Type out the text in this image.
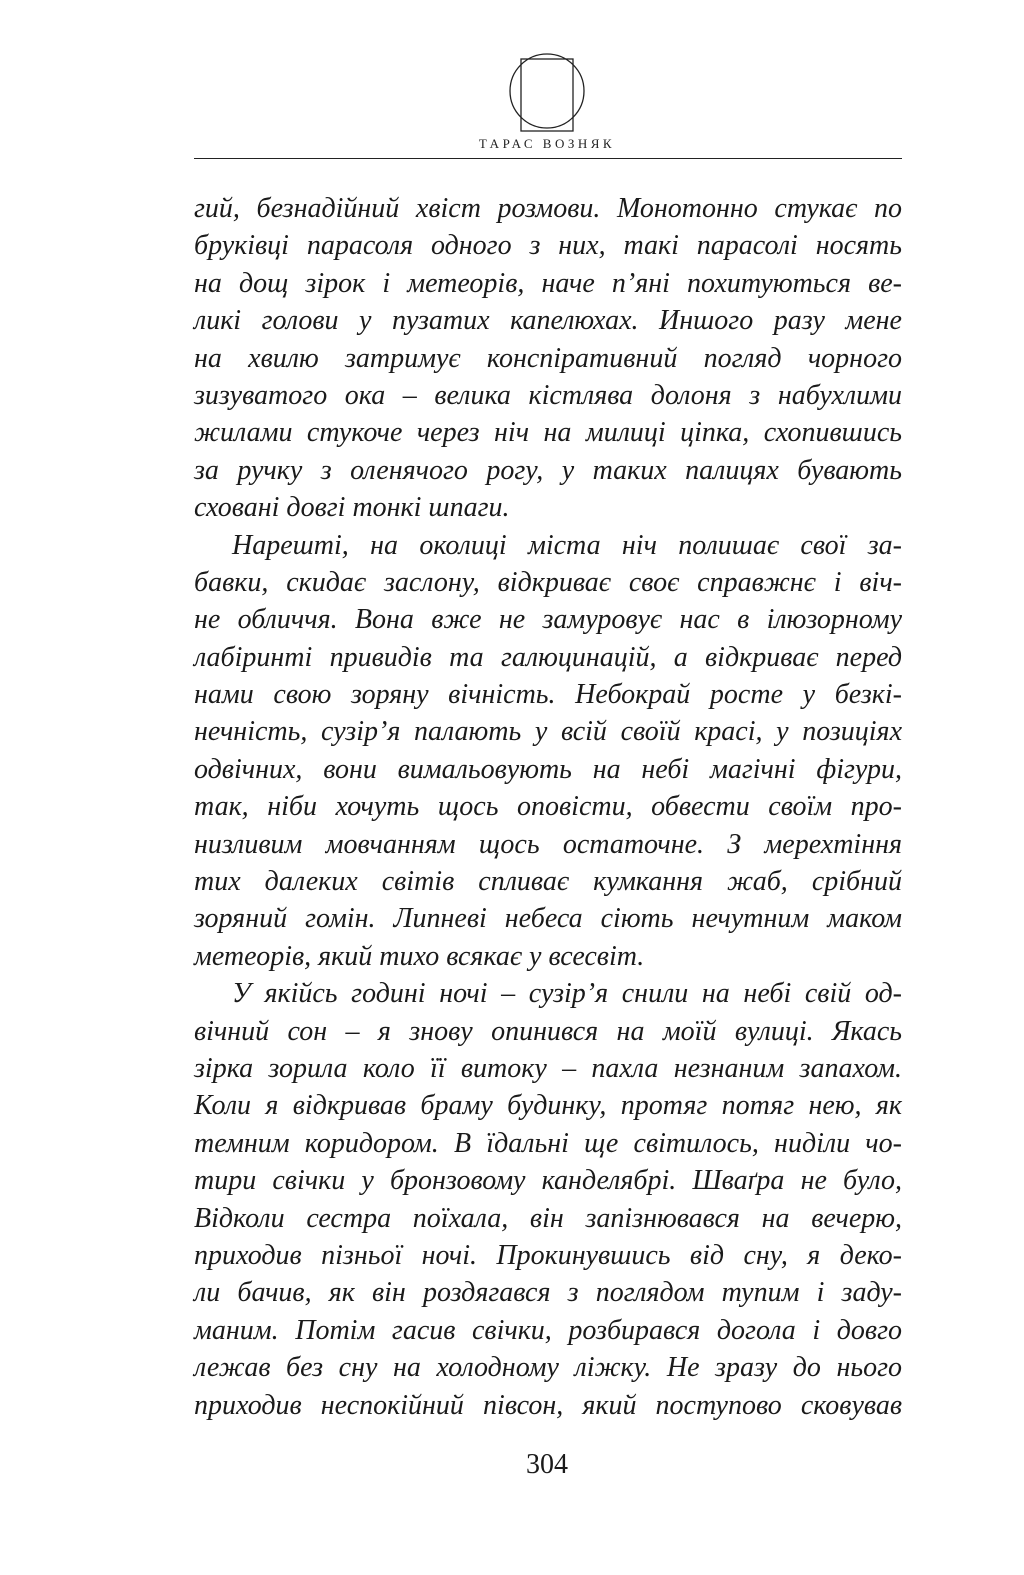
ТАРАС ВОЗНЯК
гий, безнадійний хвіст розмови. Монотонно стукає по
бруківці парасоля одного з них, такі парасолі носять
на дощ зірок і метеорів, наче п’яні похитуються ве-
ликі голови у пузатих капелюхах. Иншого разу мене
на хвилю затримує конспіративний погляд чорного
зизуватого ока – велика кістлява долоня з набухлими
жилами стукоче через ніч на милиці ціпка, схопившись
за ручку з оленячого рогу, у таких палицях бувають
сховані довгі тонкі шпаги.
Нарешті, на околиці міста ніч полишає свої за-
бавки, скидає заслону, відкриває своє справжнє і віч-
не обличчя. Вона вже не замуровує нас в ілюзорному
лабіринті привидів та галюцинацій, а відкриває перед
нами свою зоряну вічність. Небокрай росте у безкі-
нечність, сузір’я палають у всій своїй красі, у позиціях
одвічних, вони вимальовують на небі магічні фігури,
так, ніби хочуть щось оповісти, обвести своїм про-
низливим мовчанням щось остаточне. З мерехтіння
тих далеких світів спливає кумкання жаб, срібний
зоряний гомін. Липневі небеса сіють нечутним маком
метеорів, який тихо всякає у всесвіт.
У якійсь годині ночі – сузір’я снили на небі свій од-
вічний сон – я знову опинився на моїй вулиці. Якась
зірка зорила коло її витоку – пахла незнаним запахом.
Коли я відкривав браму будинку, протяг потяг нею, як
темним коридором. В їдальні ще світилось, ниділи чо-
тири свічки у бронзовому канделябрі. Шваґра не було,
Відколи сестра поїхала, він запізнювався на вечерю,
приходив пізньої ночі. Прокинувшись від сну, я деко-
ли бачив, як він роздягався з поглядом тупим і заду-
маним. Потім гасив свічки, розбирався догола і довго
лежав без сну на холодному ліжку. Не зразу до нього
приходив неспокійний півсон, який поступово сковував
304
